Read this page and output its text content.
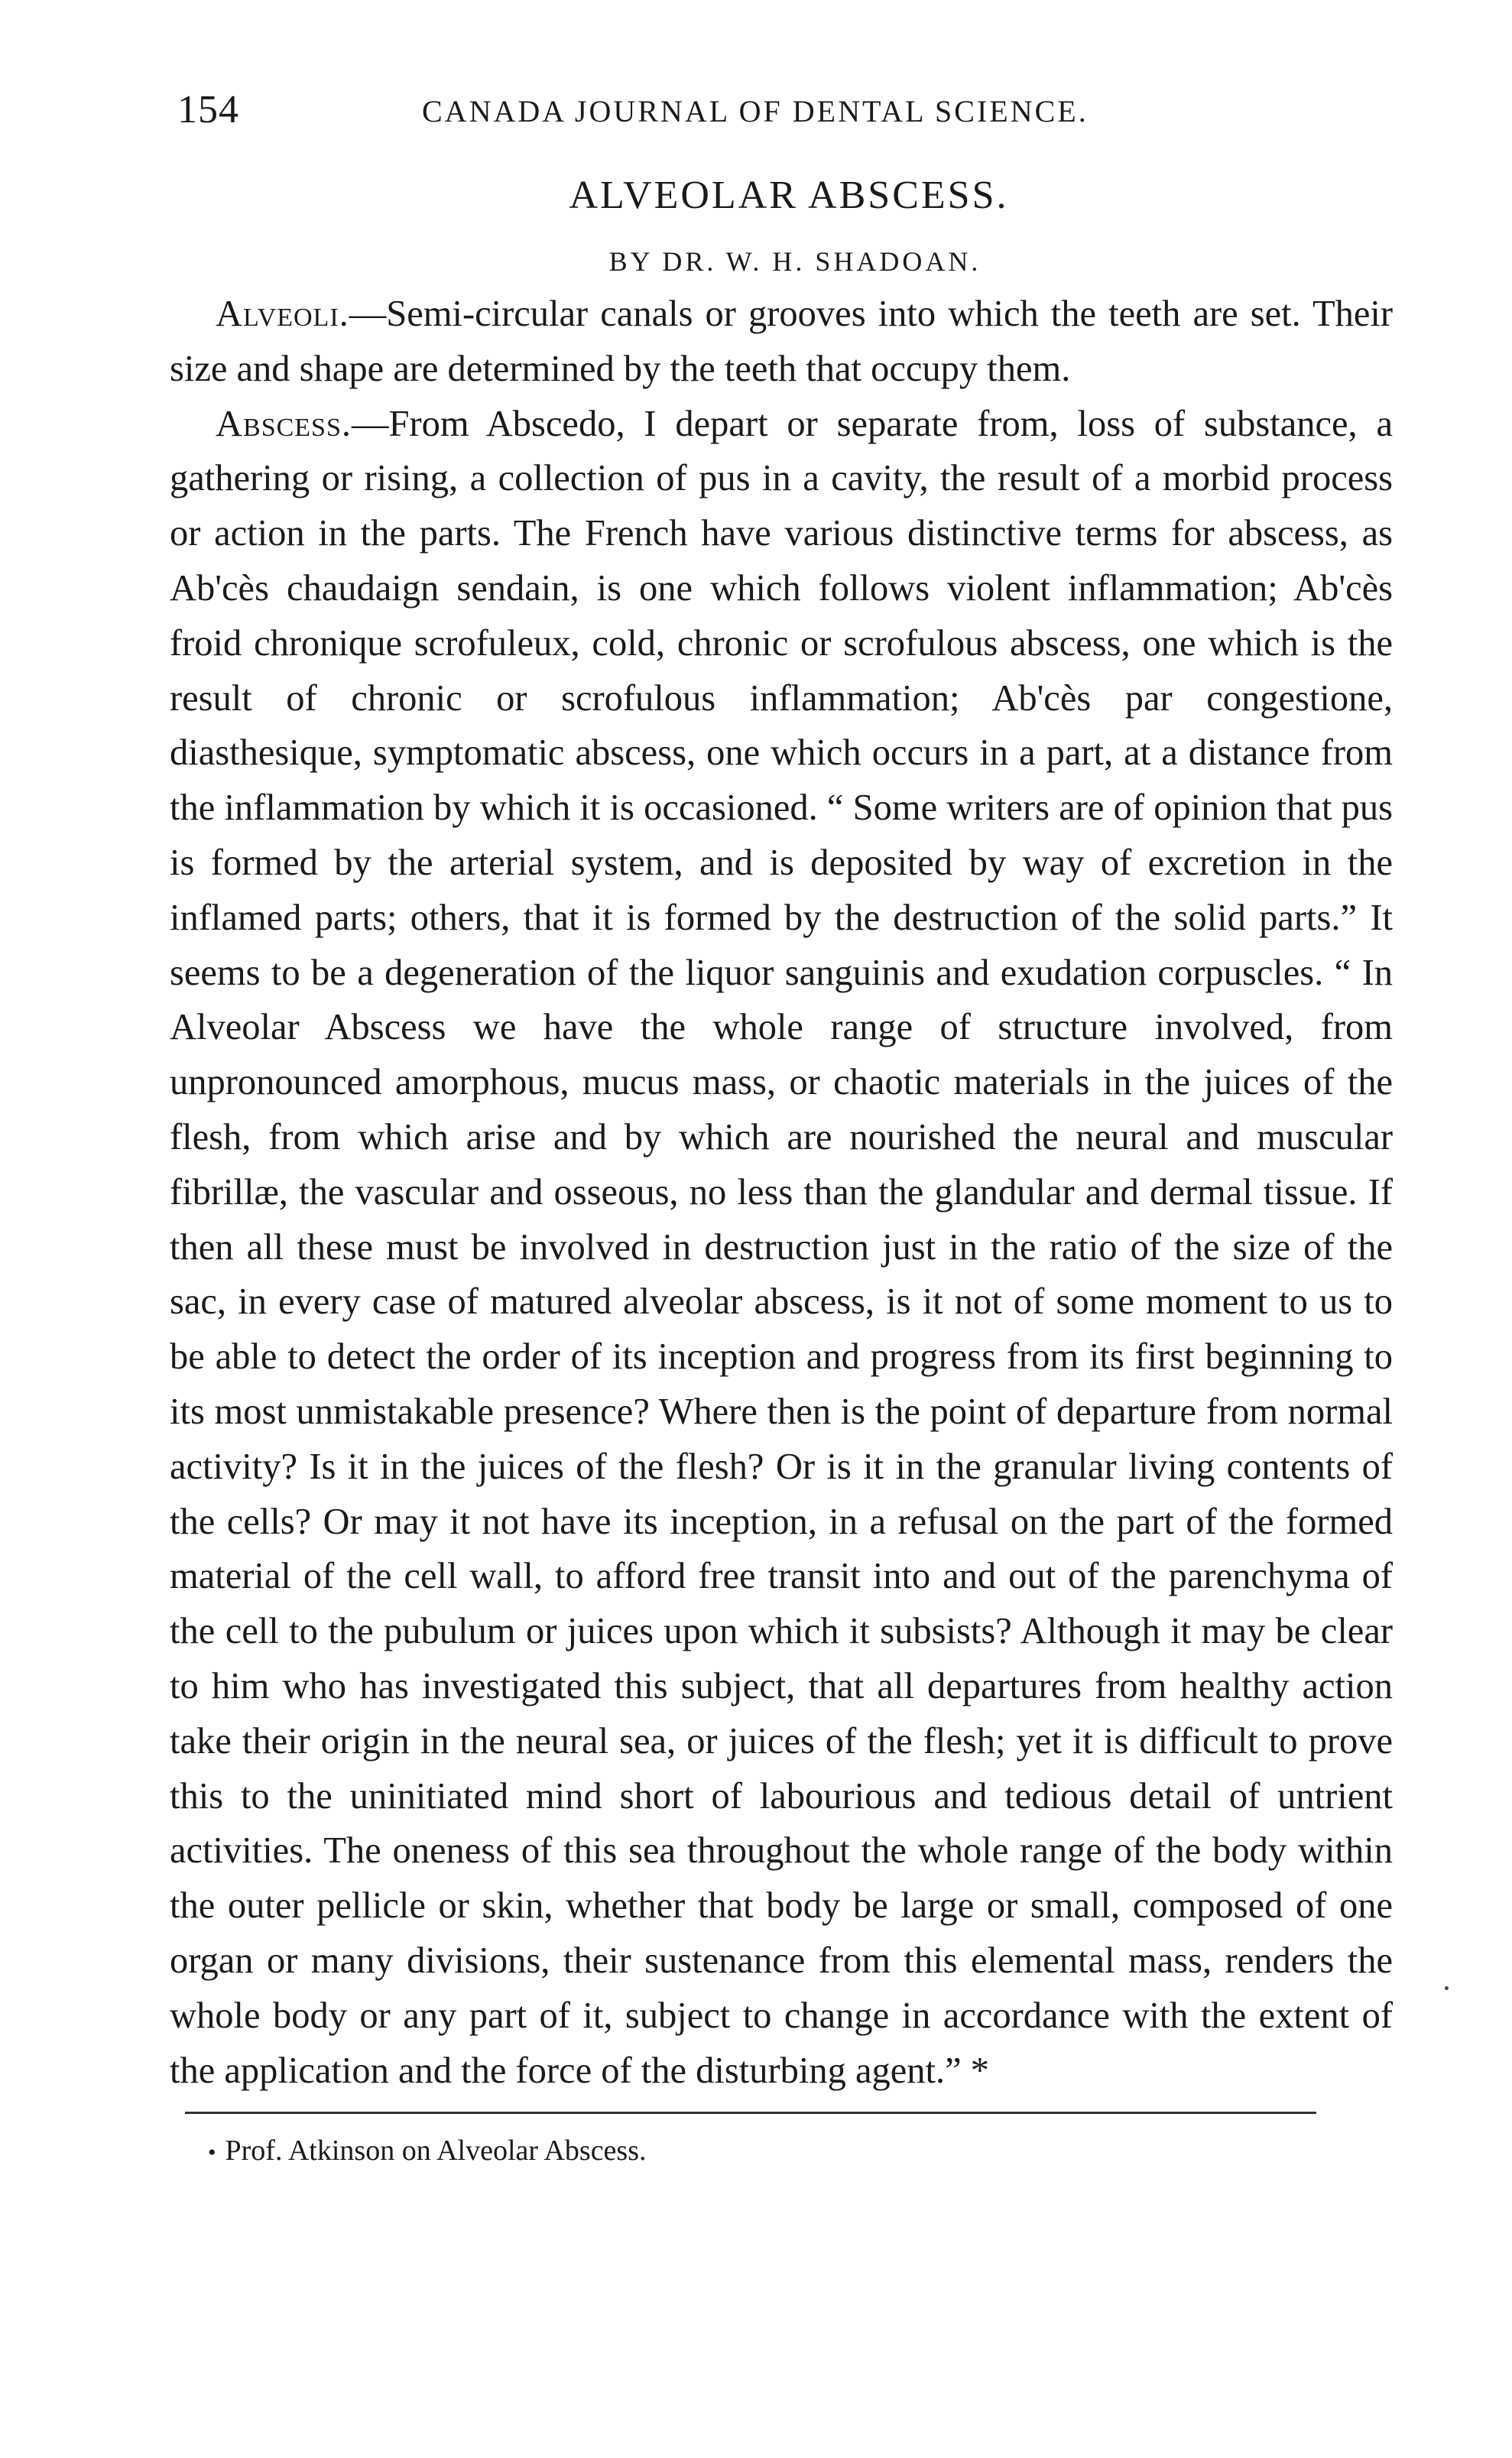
154	CANADA JOURNAL OF DENTAL SCIENCE.
ALVEOLAR ABSCESS.
BY DR. W. H. SHADOAN.

Alveoli.—Semi-circular canals or grooves into which the teeth are set. Their size and shape are determined by the teeth that occupy them.

Abscess.—From Abscedo, I depart or separate from, loss of substance, a gathering or rising, a collection of pus in a cavity, the result of a morbid process or action in the parts. The French have various distinctive terms for abscess, as Ab'cès chaudaign sendain, is one which follows violent inflammation; Ab'cès froid chronique scrofuleux, cold, chronic or scrofulous abscess, one which is the result of chronic or scrofulous inflammation; Ab'cès par congestione, diasthesique, symptomatic abscess, one which occurs in a part, at a distance from the inflammation by which it is occasioned. “ Some writers are of opinion that pus is formed by the arterial system, and is deposited by way of excretion in the inflamed parts; others, that it is formed by the destruction of the solid parts.” It seems to be a degeneration of the liquor sanguinis and exudation corpuscles. “ In Alveolar Abscess we have the whole range of structure involved, from unpronounced amorphous, mucus mass, or chaotic materials in the juices of the flesh, from which arise and by which are nourished the neural and muscular fibrillæ, the vascular and osseous, no less than the glandular and dermal tissue. If then all these must be involved in destruction just in the ratio of the size of the sac, in every case of matured alveolar abscess, is it not of some moment to us to be able to detect the order of its inception and progress from its first beginning to its most unmistakable presence? Where then is the point of departure from normal activity? Is it in the juices of the flesh? Or is it in the granular living contents of the cells? Or may it not have its inception, in a refusal on the part of the formed material of the cell wall, to afford free transit into and out of the parenchyma of the cell to the pubulum or juices upon which it subsists? Although it may be clear to him who has investigated this subject, that all departures from healthy action take their origin in the neural sea, or juices of the flesh; yet it is difficult to prove this to the uninitiated mind short of labourious and tedious detail of untrient activities. The oneness of this sea throughout the whole range of the body within the outer pellicle or skin, whether that body be large or small, composed of one organ or many divisions, their sustenance from this elemental mass, renders the whole body or any part of it, subject to change in accordance with the extent of the application and the force of the disturbing agent.” *

• Prof. Atkinson on Alveolar Abscess.
